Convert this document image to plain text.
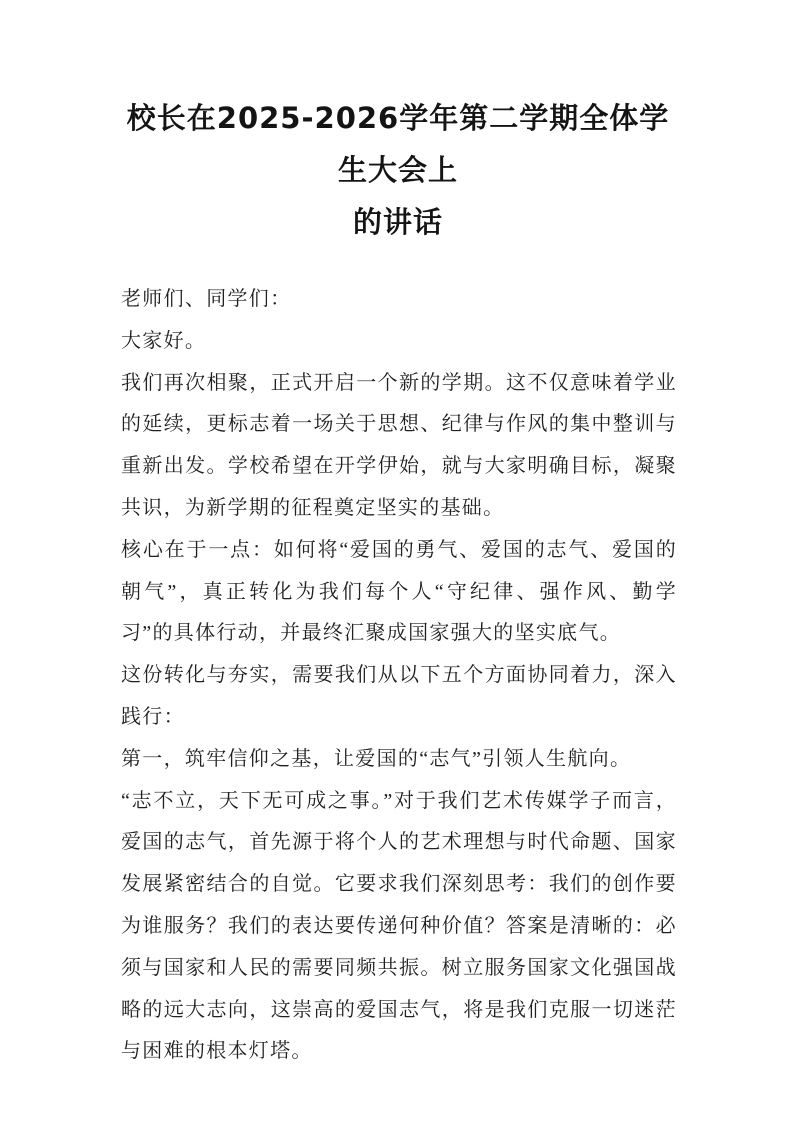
校长在2025-2026学年第二学期全体学生大会上
的讲话

老师们、同学们：

大家好。

我们再次相聚，正式开启一个新的学期。这不仅意味着学业的延续，更标志着一场关于思想、纪律与作风的集中整训与重新出发。学校希望在开学伊始，就与大家明确目标，凝聚共识，为新学期的征程奠定坚实的基础。

核心在于一点：如何将“爱国的勇气、爱国的志气、爱国的朝气”，真正转化为我们每个人“守纪律、强作风、勤学习”的具体行动，并最终汇聚成国家强大的坚实底气。

这份转化与夯实，需要我们从以下五个方面协同着力，深入践行：

第一，筑牢信仰之基，让爱国的“志气”引领人生航向。

“志不立，天下无可成之事。”对于我们艺术传媒学子而言，爱国的志气，首先源于将个人的艺术理想与时代命题、国家发展紧密结合的自觉。它要求我们深刻思考：我们的创作要为谁服务？我们的表达要传递何种价值？答案是清晰的：必须与国家和人民的需要同频共振。树立服务国家文化强国战略的远大志向，这崇高的爱国志气，将是我们克服一切迷茫与困难的根本灯塔。
